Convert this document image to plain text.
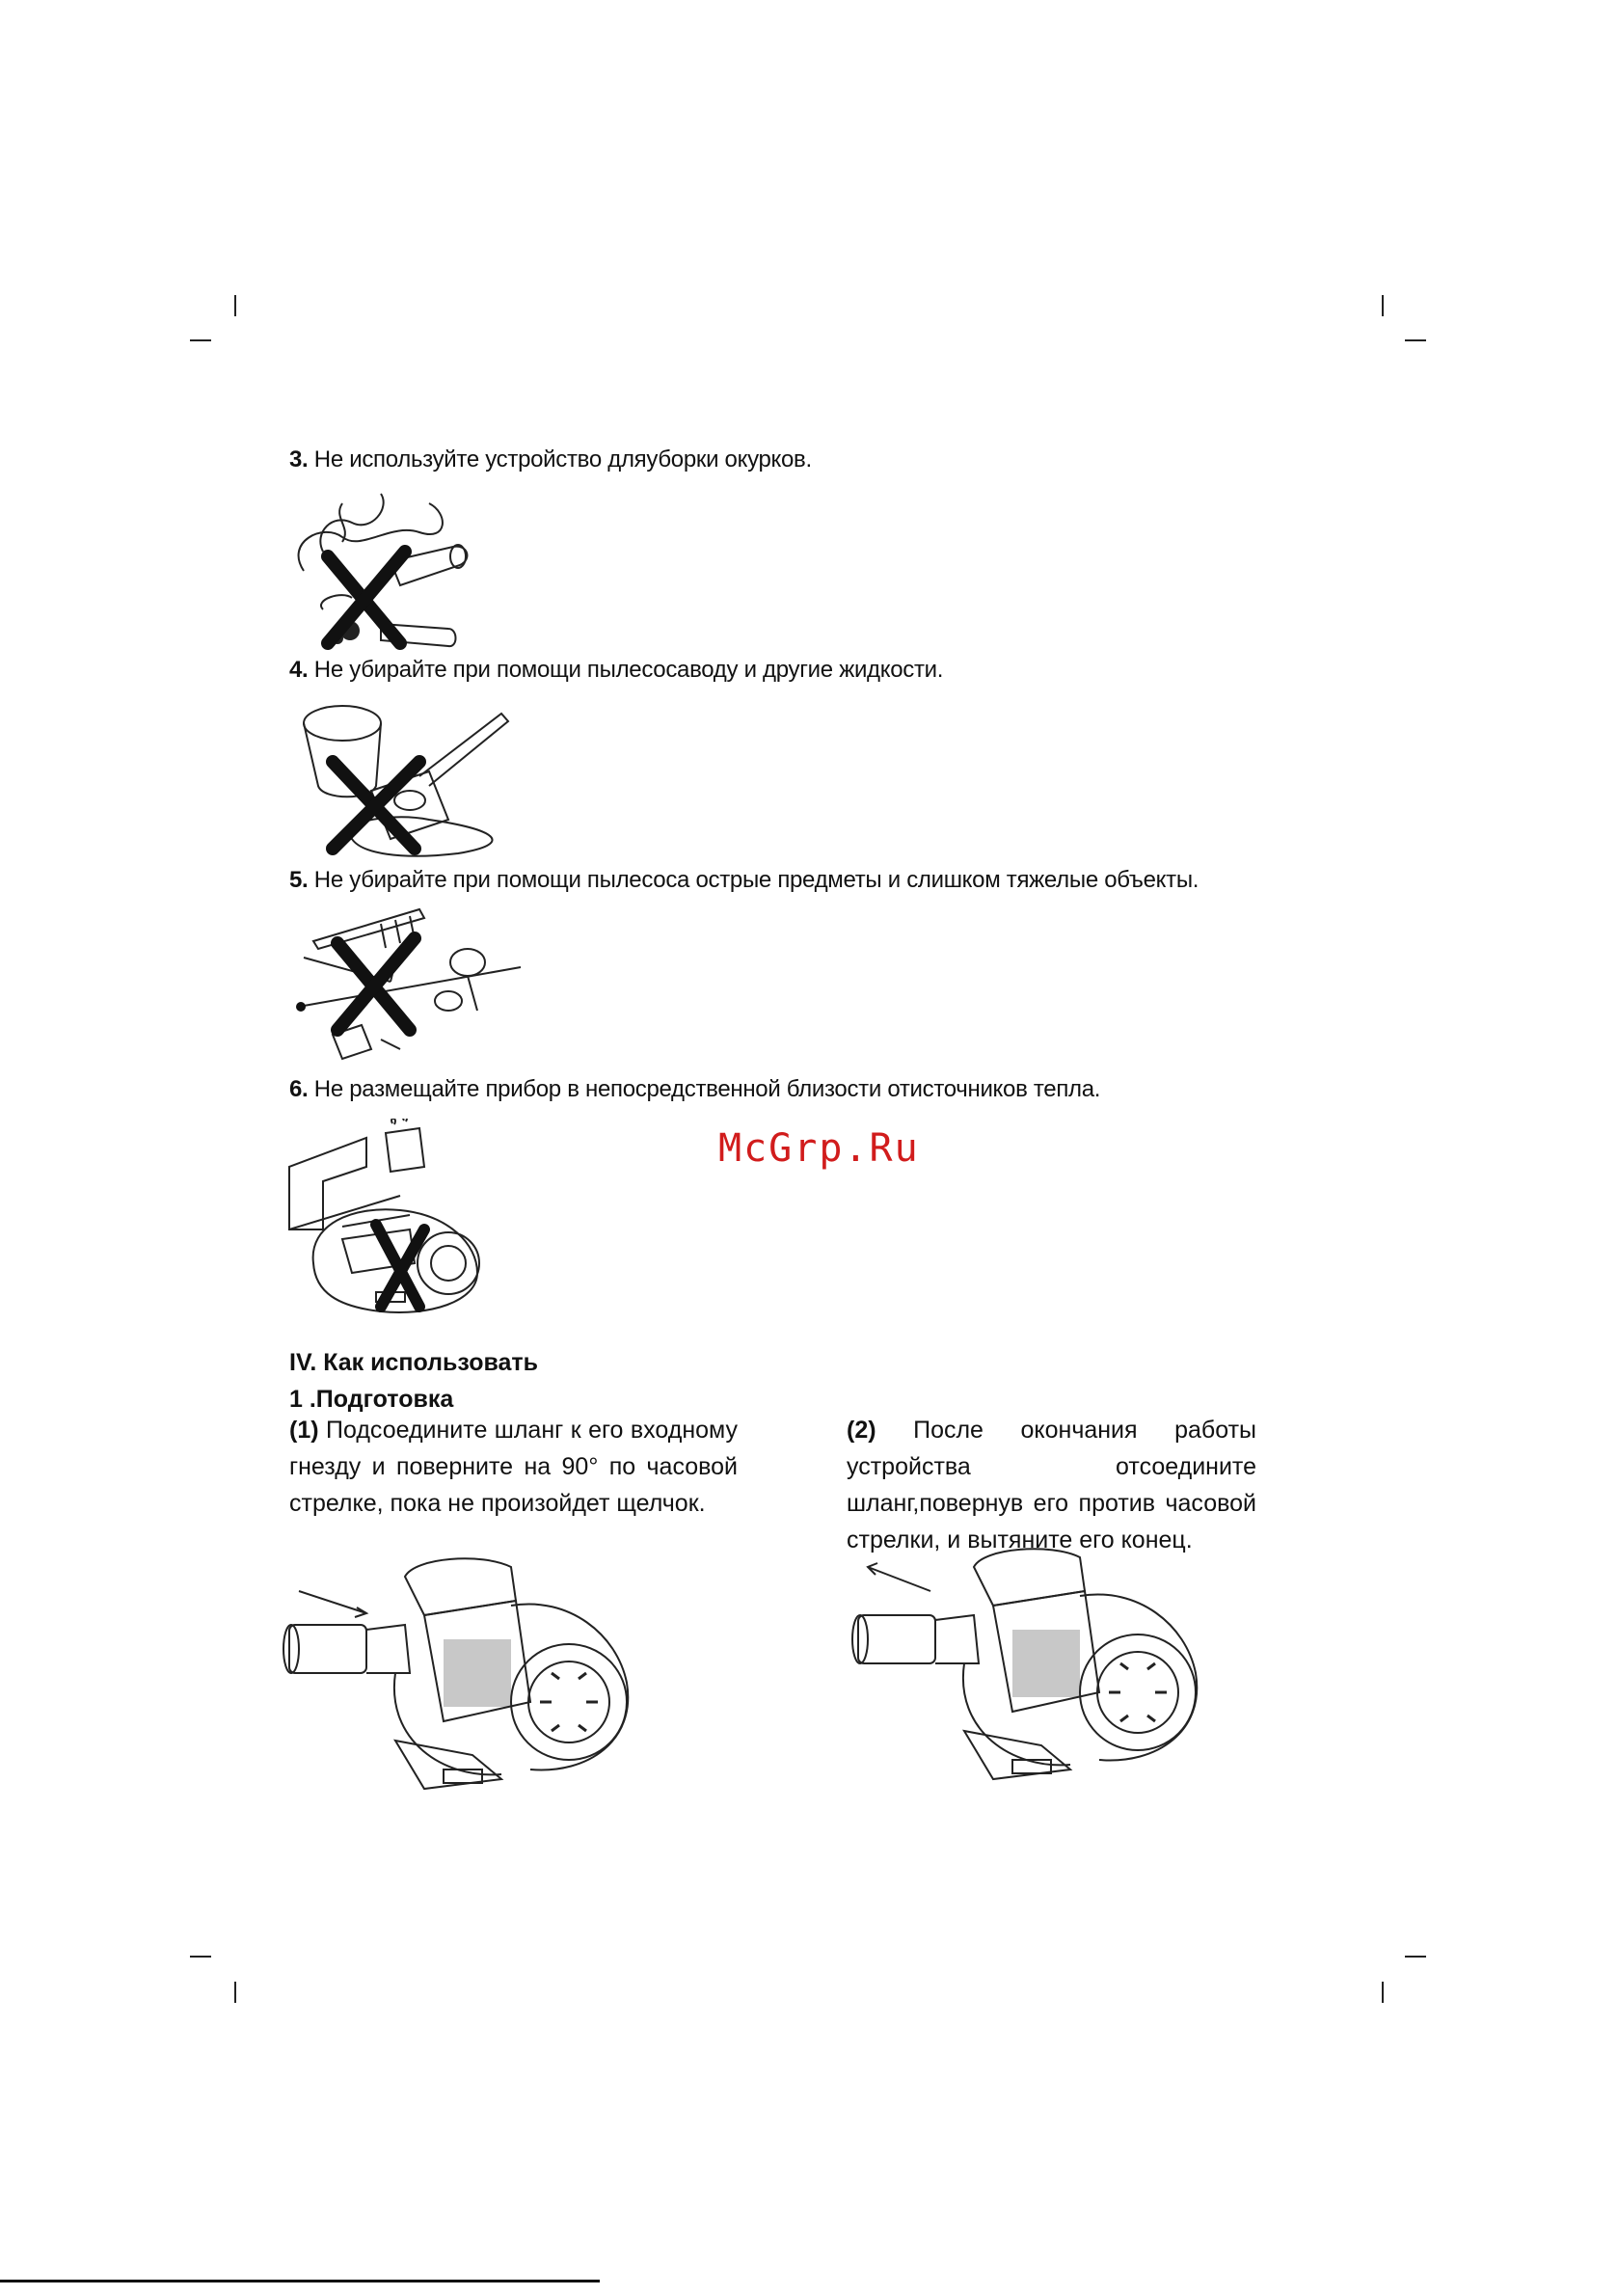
3. Не используйте устройство дляуборки окурков.
4. Не убирайте при помощи пылесосаводу и другие жидкости.
5. Не убирайте при помощи пылесоса острые предметы и слишком тяжелые объекты.
6. Не размещайте прибор в непосредственной близости отисточников тепла.
McGrp.Ru
IV. Как использовать
1 .Подготовка
(1) Подсоедините шланг к его входному гнезду и поверните на 90° по часовой стрелке, пока не произойдет щелчок.
(2) После окончания работы устройства отсоедините шланг,повернув его против часовой стрелки, и вытяните его конец.
